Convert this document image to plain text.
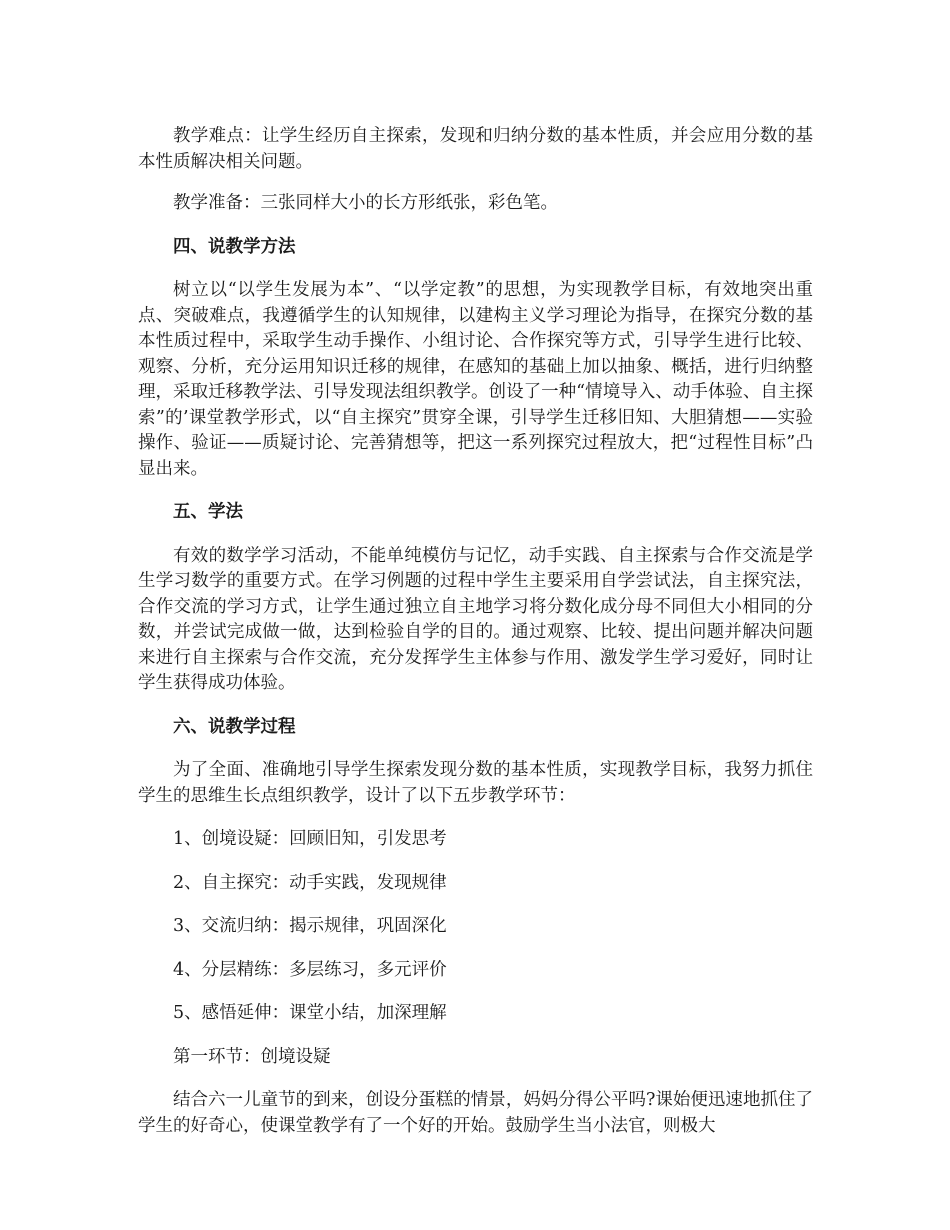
教学难点：让学生经历自主探索，发现和归纳分数的基本性质，并会应用分数的基本性质解决相关问题。

教学准备：三张同样大小的长方形纸张，彩色笔。

四、说教学方法

树立以“以学生发展为本”、“以学定教”的思想，为实现教学目标，有效地突出重点、突破难点，我遵循学生的认知规律，以建构主义学习理论为指导，在探究分数的基本性质过程中，采取学生动手操作、小组讨论、合作探究等方式，引导学生进行比较、观察、分析，充分运用知识迁移的规律，在感知的基础上加以抽象、概括，进行归纳整理，采取迁移教学法、引导发现法组织教学。创设了一种“情境导入、动手体验、自主探索”的’课堂教学形式，以“自主探究”贯穿全课，引导学生迁移旧知、大胆猜想——实验操作、验证——质疑讨论、完善猜想等，把这一系列探究过程放大，把“过程性目标”凸显出来。

五、学法

有效的数学学习活动，不能单纯模仿与记忆，动手实践、自主探索与合作交流是学生学习数学的重要方式。在学习例题的过程中学生主要采用自学尝试法，自主探究法，合作交流的学习方式，让学生通过独立自主地学习将分数化成分母不同但大小相同的分数，并尝试完成做一做，达到检验自学的目的。通过观察、比较、提出问题并解决问题来进行自主探索与合作交流，充分发挥学生主体参与作用、激发学生学习爱好，同时让学生获得成功体验。

六、说教学过程

为了全面、准确地引导学生探索发现分数的基本性质，实现教学目标，我努力抓住学生的思维生长点组织教学，设计了以下五步教学环节：

1、创境设疑：回顾旧知，引发思考

2、自主探究：动手实践，发现规律

3、交流归纳：揭示规律，巩固深化

4、分层精练：多层练习，多元评价

5、感悟延伸：课堂小结，加深理解

第一环节：创境设疑

结合六一儿童节的到来，创设分蛋糕的情景，妈妈分得公平吗?课始便迅速地抓住了学生的好奇心，使课堂教学有了一个好的开始。鼓励学生当小法官，则极大
